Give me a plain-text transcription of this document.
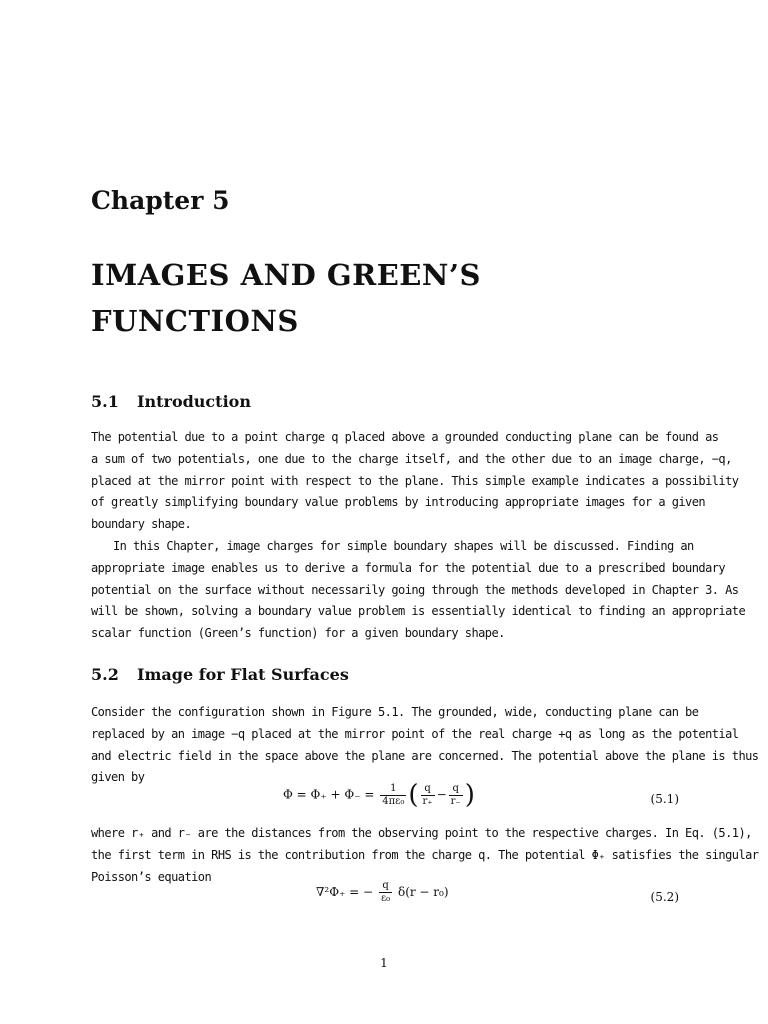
Chapter 5
IMAGES AND GREEN’S
FUNCTIONS
5.1 Introduction
The potential due to a point charge q placed above a grounded conducting plane can be found as
a sum of two potentials, one due to the charge itself, and the other due to an image charge, −q,
placed at the mirror point with respect to the plane. This simple example indicates a possibility
of greatly simplifying boundary value problems by introducing appropriate images for a given
boundary shape.
In this Chapter, image charges for simple boundary shapes will be discussed. Finding an
appropriate image enables us to derive a formula for the potential due to a prescribed boundary
potential on the surface without necessarily going through the methods developed in Chapter 3. As
will be shown, solving a boundary value problem is essentially identical to finding an appropriate
scalar function (Green’s function) for a given boundary shape.
5.2 Image for Flat Surfaces
Consider the configuration shown in Figure 5.1. The grounded, wide, conducting plane can be
replaced by an image −q placed at the mirror point of the real charge +q as long as the potential
and electric field in the space above the plane are concerned. The potential above the plane is thus
given by
$\Phi = \Phi_+ + \Phi_- = \frac{1}{\text{4πε₀}}$ ( $\frac{q}{r_+} - \frac{q}{r_-}$ )	(5.1)
where r₊ and r₋ are the distances from the observing point to the respective charges. In Eq. (5.1),
the first term in RHS is the contribution from the charge q. The potential Φ₊ satisfies the singular
Poisson’s equation
∇²Φ₊ = − $\frac{q}{\text{ε₀}} \delta(r - r_0)$	(5.2)
1
